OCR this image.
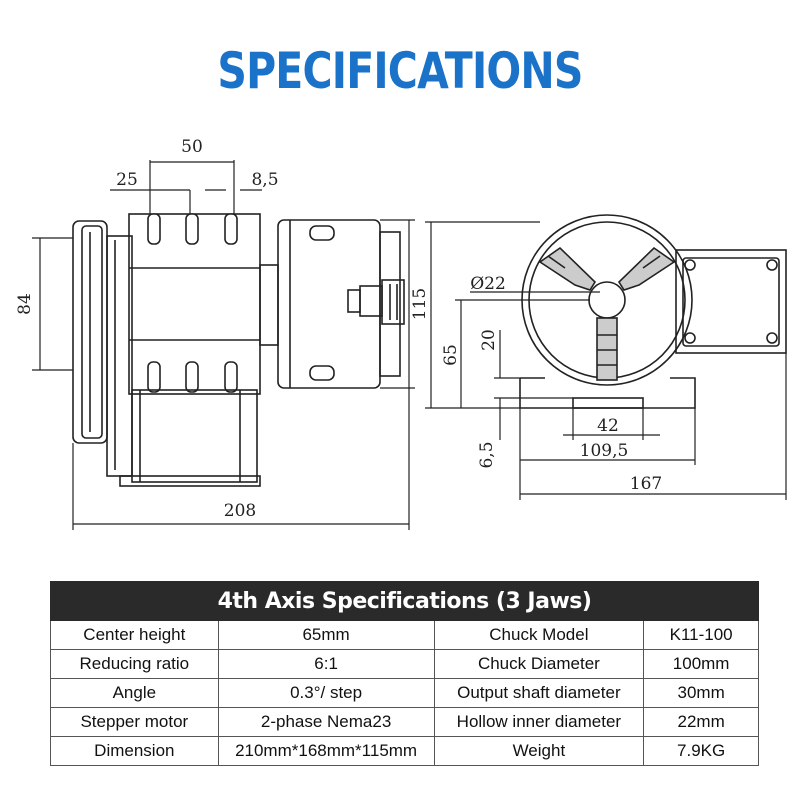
SPECIFICATIONS
50
25	8,5
84	115
208
Ø22
20
65
42
6,5	109,5
167
4th Axis Specifications (3 Jaws)			
Center height	65mm	Chuck Model	K11-100
Reducing ratio	6:1	Chuck Diameter	100mm
Angle	0.3°/ step	Output shaft diameter	30mm
Stepper motor	2-phase Nema23	Hollow inner diameter	22mm
Dimension	210mm*168mm*115mm	Weight	7.9KG
